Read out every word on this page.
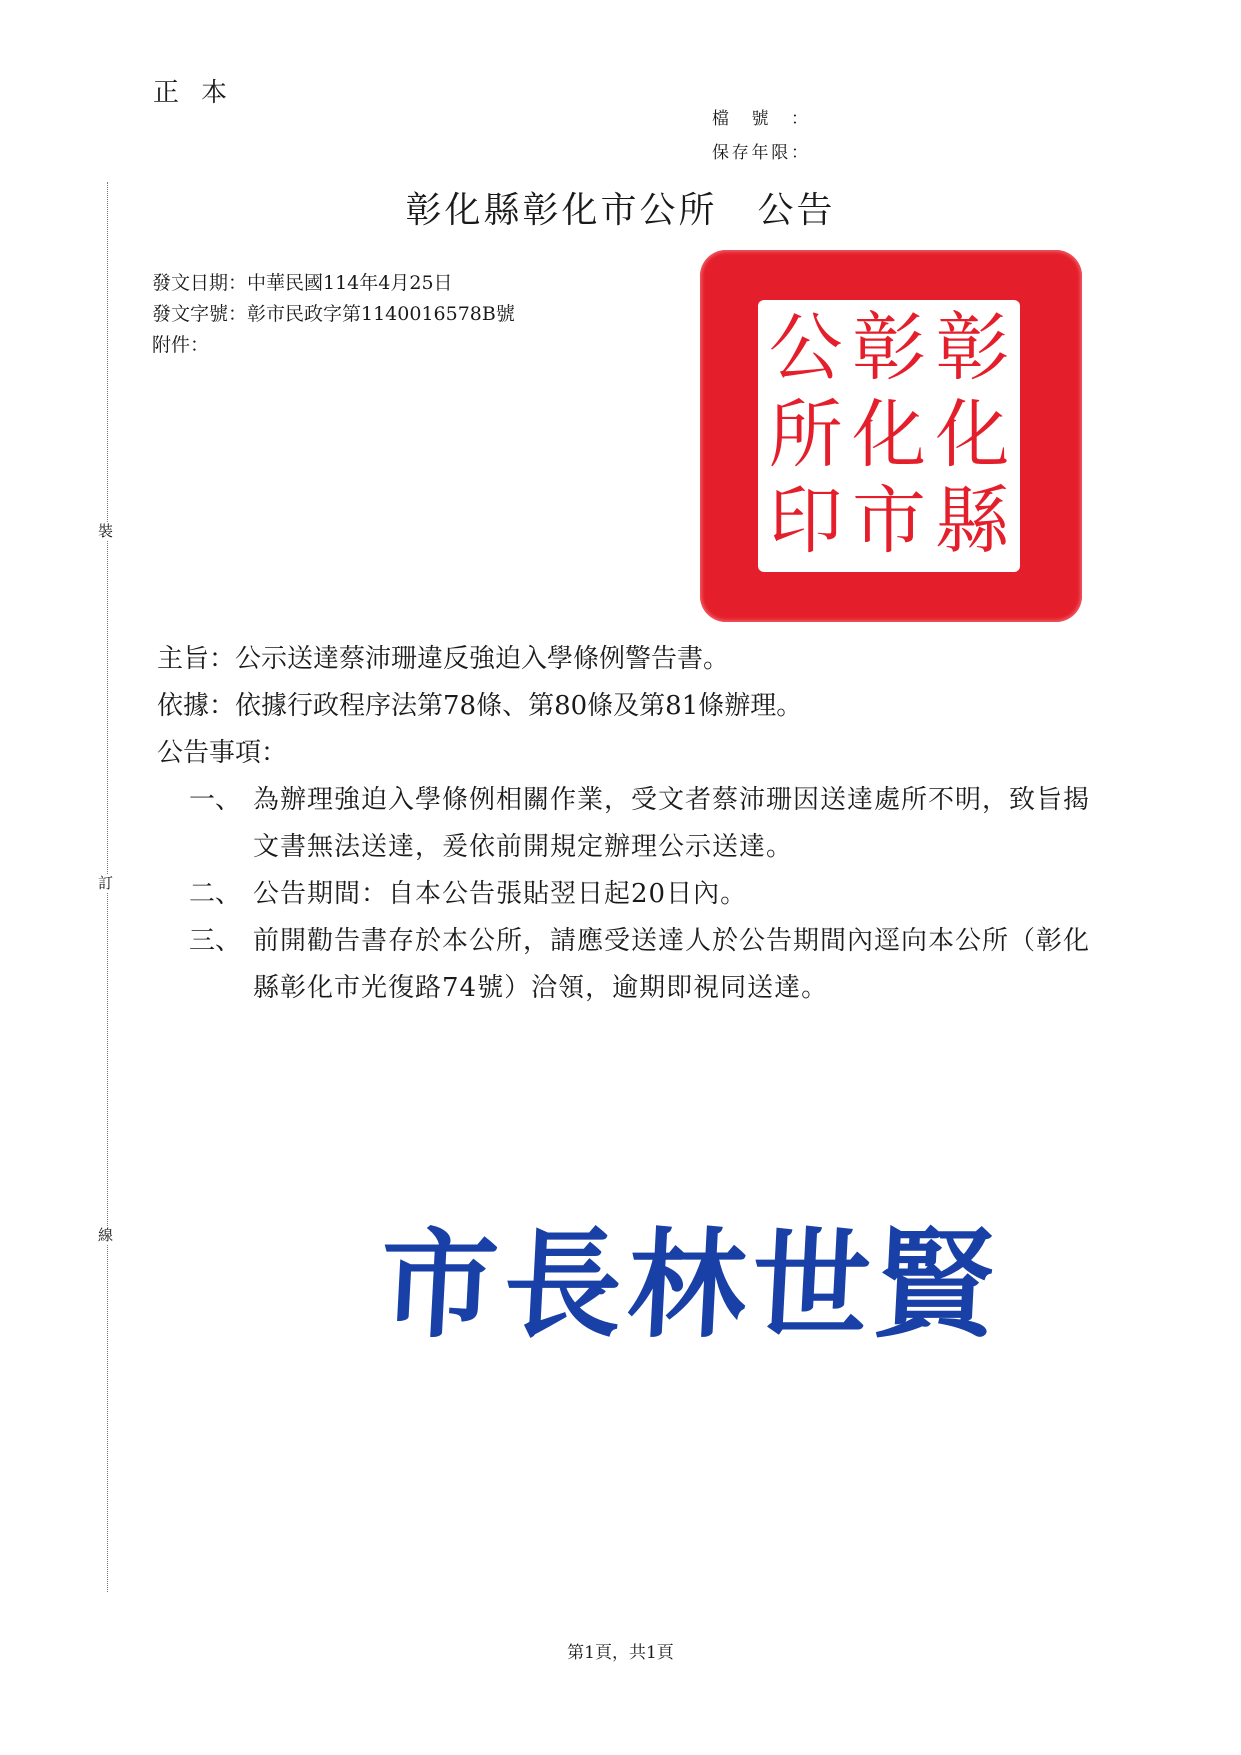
正本
檔號：
保存年限：
裝
訂
線
彰化縣彰化市公所 公告
發文日期：中華民國114年4月25日
發文字號：彰市民政字第1140016578B號
附件：	彰
化
縣
彰
化
市
公
所
印

主旨：公示送達蔡沛珊違反強迫入學條例警告書。

依據：依據行政程序法第78條、第80條及第81條辦理。

公告事項：

一、 為辦理強迫入學條例相關作業，受文者蔡沛珊因送達處所不明，致旨揭文書無法送達，爰依前開規定辦理公示送達。
二、 公告期間：自本公告張貼翌日起20日內。
三、 前開勸告書存於本公所，請應受送達人於公告期間內逕向本公所（彰化縣彰化市光復路74號）洽領，逾期即視同送達。
市長林世賢
第1頁，共1頁
